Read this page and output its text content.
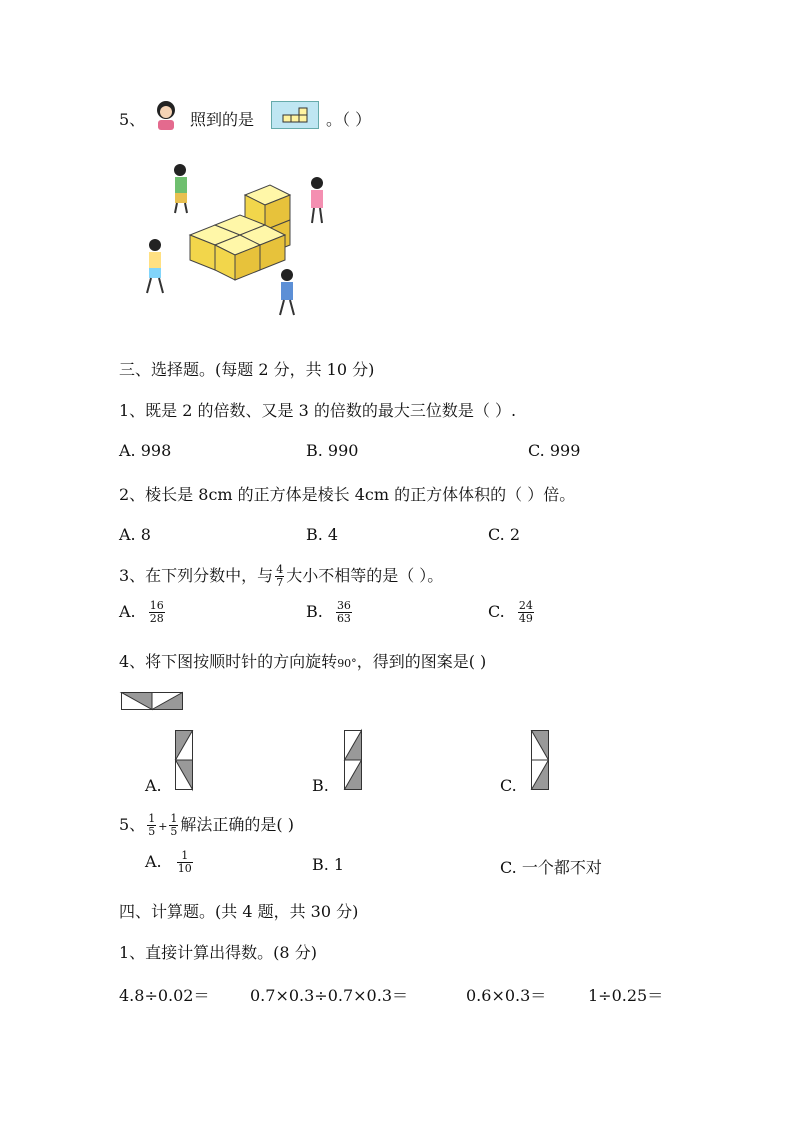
5、	照到的是	。（ ）
三、选择题。(每题 2 分，共 10 分)
1、既是 2 的倍数、又是 3 的倍数的最大三位数是（ ）.
A. 998	B. 990	C. 999
2、棱长是 8cm 的正方体是棱长 4cm 的正方体体积的（ ）倍。
A. 8	B. 4	C. 2
3、在下列分数中，与 $\frac{4}{7}$ 大小不相等的是（ ）。
A. $\frac{16}{28}$	B. $\frac{36}{63}$	C. $\frac{24}{49}$
4、将下图按顺时针的方向旋转90°，得到的图案是( )
A.	B.	C.
5、 $\frac{1}{5} + \frac{1}{5}$ 解法正确的是( )
A. $\frac{1}{10}$	B. 1	C. 一个都不对
四、计算题。(共 4 题，共 30 分)
1、直接计算出得数。(8 分)
4.8÷0.02＝	0.7×0.3÷0.7×0.3＝	0.6×0.3＝	1÷0.25＝
